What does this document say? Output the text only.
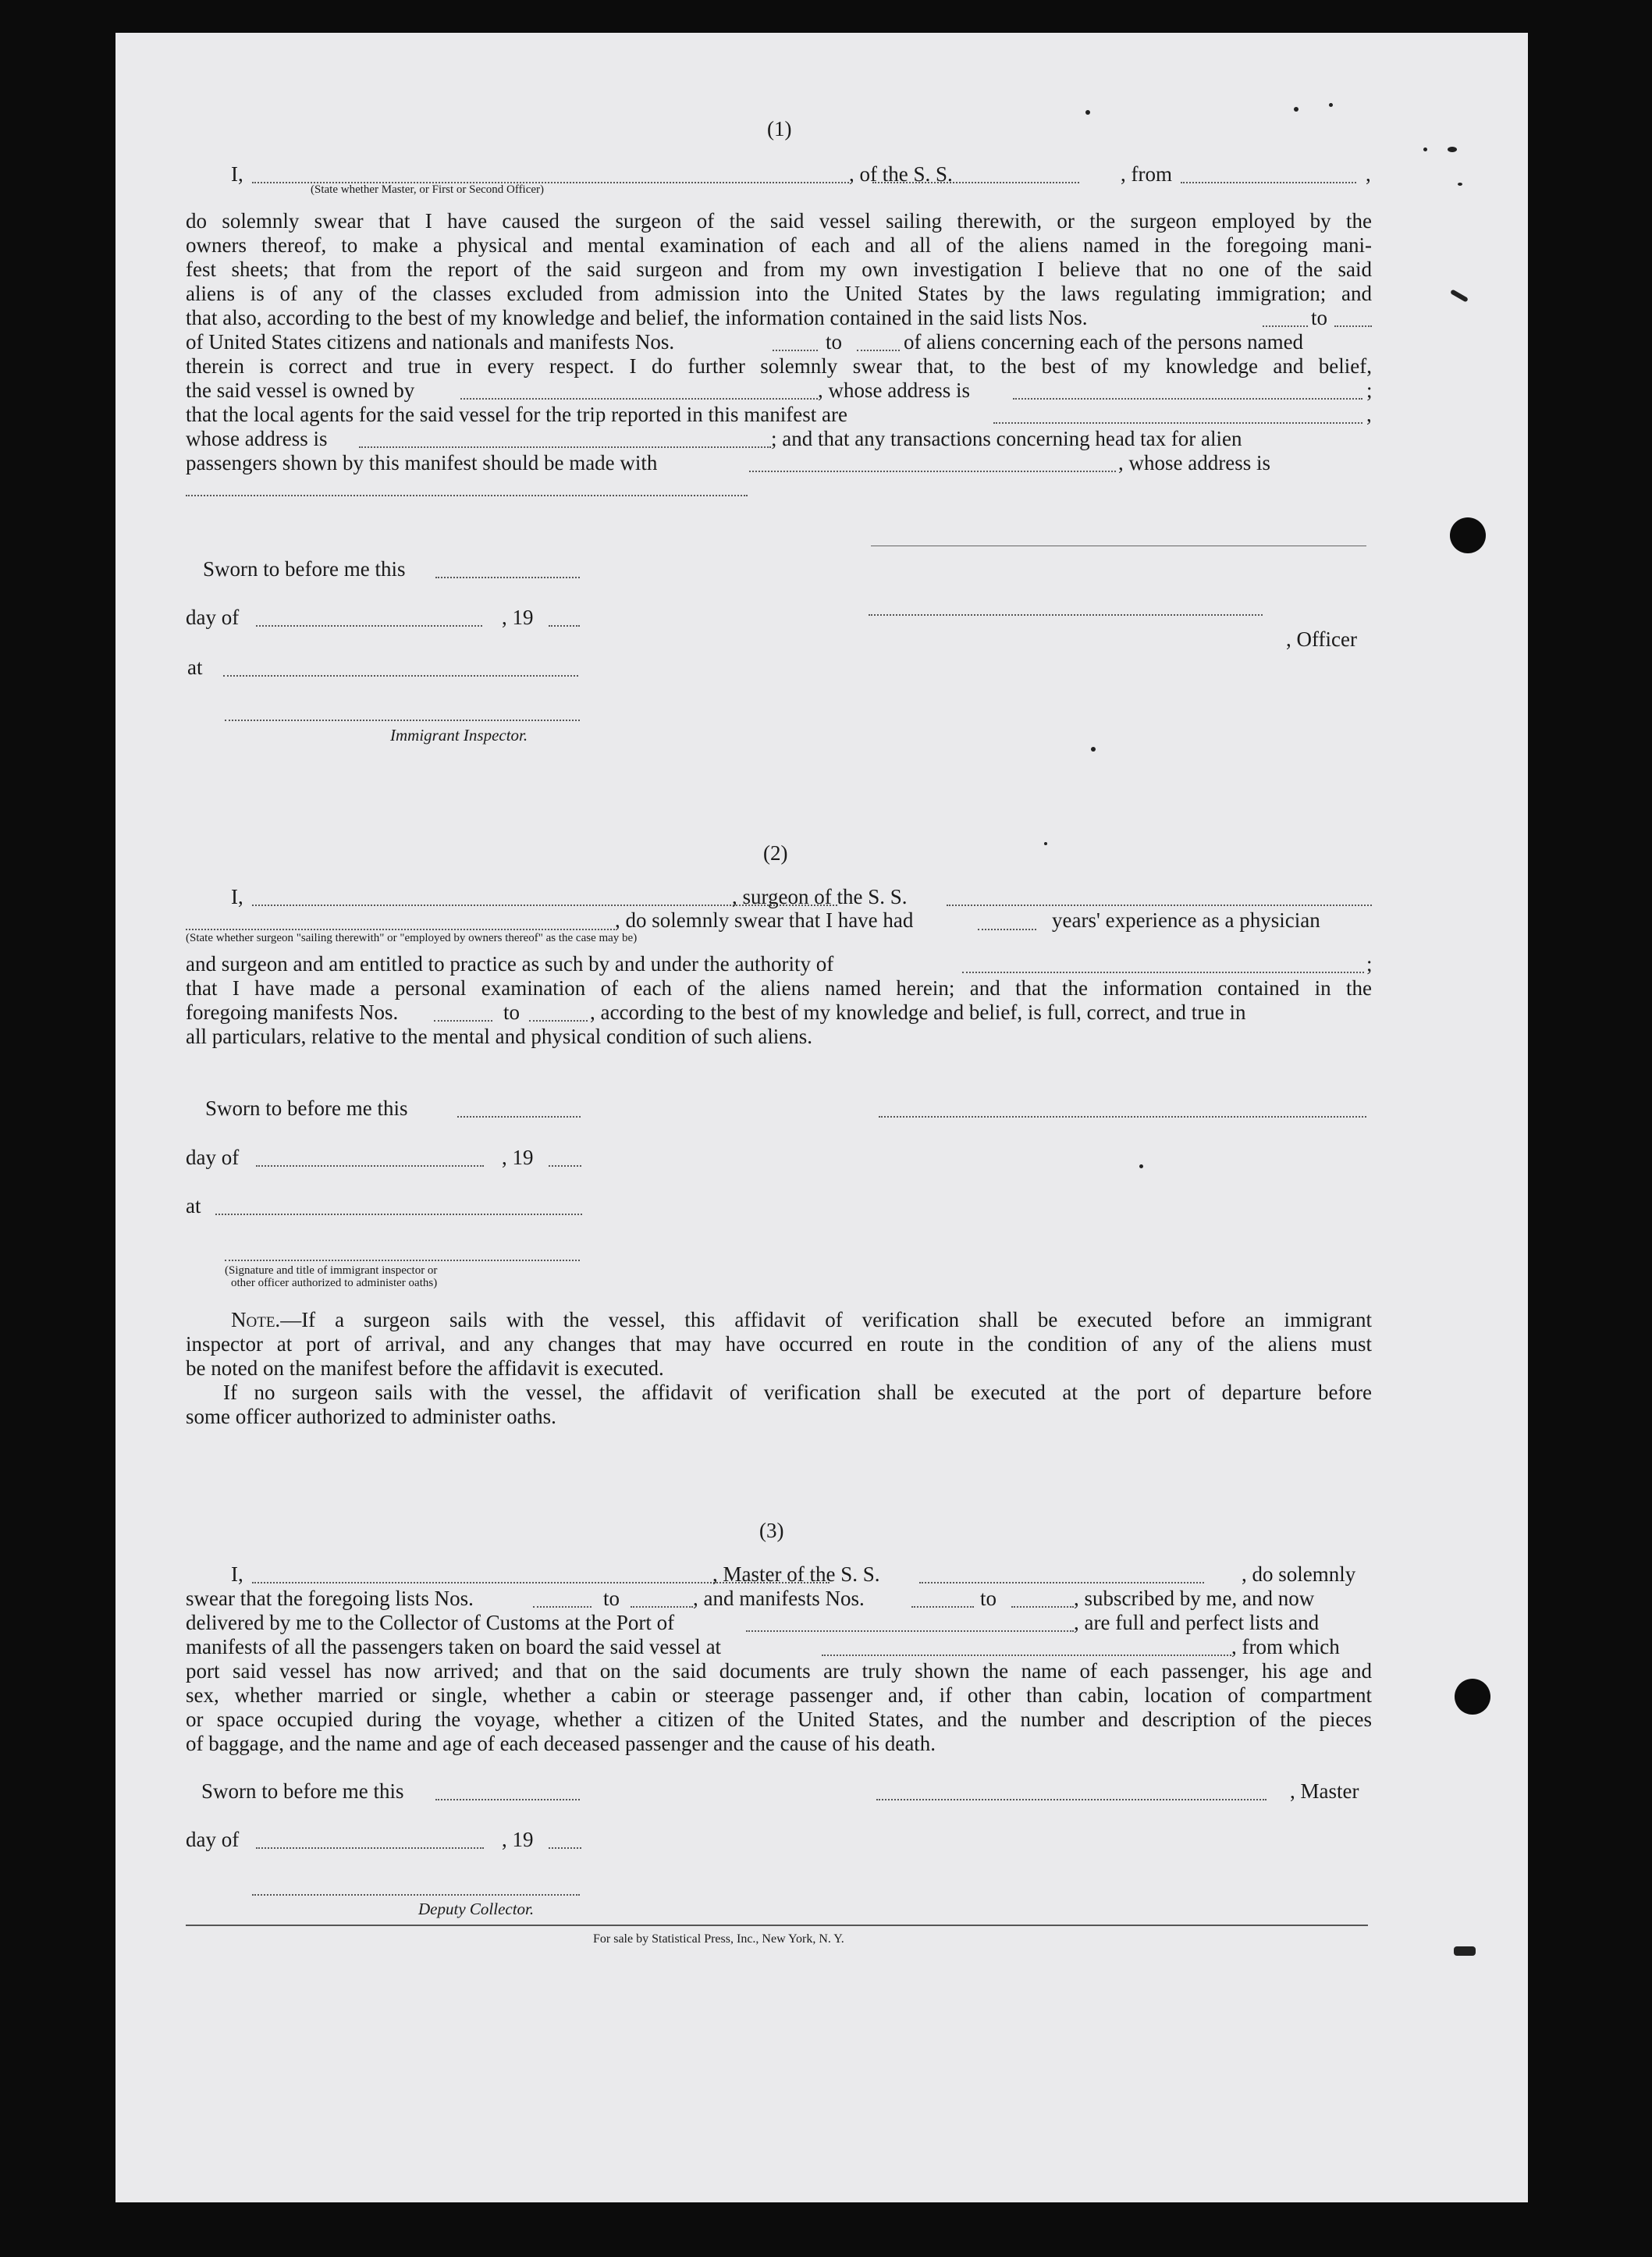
(1)
I,
(State whether Master, or First or Second Officer)
, of the S. S.	, from	,
do solemnly swear that I have caused the surgeon of the said vessel sailing therewith, or the surgeon employed by the
owners thereof, to make a physical and mental examination of each and all of the aliens named in the foregoing mani-
fest sheets; that from the report of the said surgeon and from my own investigation I believe that no one of the said
aliens is of any of the classes excluded from admission into the United States by the laws regulating immigration; and
that also, according to the best of my knowledge and belief, the information contained in the said lists Nos.	to
of United States citizens and nationals and manifests Nos.	to	of aliens concerning each of the persons named
therein is correct and true in every respect. I do further solemnly swear that, to the best of my knowledge and belief,
the said vessel is owned by	, whose address is	;
that the local agents for the said vessel for the trip reported in this manifest are	,
whose address is	; and that any transactions concerning head tax for alien
passengers shown by this manifest should be made with	, whose address is
Sworn to before me this
day of	, 19
, Officer
at
Immigrant Inspector.
(2)
I,	, surgeon of the S. S.
, do solemnly swear that I have had	years' experience as a physician
(State whether surgeon "sailing therewith" or "employed by owners thereof" as the case may be)
and surgeon and am entitled to practice as such by and under the authority of	;
that I have made a personal examination of each of the aliens named herein; and that the information contained in the
foregoing manifests Nos.	to	, according to the best of my knowledge and belief, is full, correct, and true in
all particulars, relative to the mental and physical condition of such aliens.
Sworn to before me this
day of	, 19
at
(Signature and title of immigrant inspector or
other officer authorized to administer oaths)
Note.—If a surgeon sails with the vessel, this affidavit of verification shall be executed before an immigrant
inspector at port of arrival, and any changes that may have occurred en route in the condition of any of the aliens must
be noted on the manifest before the affidavit is executed.
If no surgeon sails with the vessel, the affidavit of verification shall be executed at the port of departure before
some officer authorized to administer oaths.
(3)
I,	, Master of the S. S.	, do solemnly
swear that the foregoing lists Nos.	to	, and manifests Nos.	to	, subscribed by me, and now
delivered by me to the Collector of Customs at the Port of	, are full and perfect lists and
manifests of all the passengers taken on board the said vessel at	, from which
port said vessel has now arrived; and that on the said documents are truly shown the name of each passenger, his age and
sex, whether married or single, whether a cabin or steerage passenger and, if other than cabin, location of compartment
or space occupied during the voyage, whether a citizen of the United States, and the number and description of the pieces
of baggage, and the name and age of each deceased passenger and the cause of his death.
Sworn to before me this	, Master
day of	, 19
Deputy Collector.
For sale by Statistical Press, Inc., New York, N. Y.
